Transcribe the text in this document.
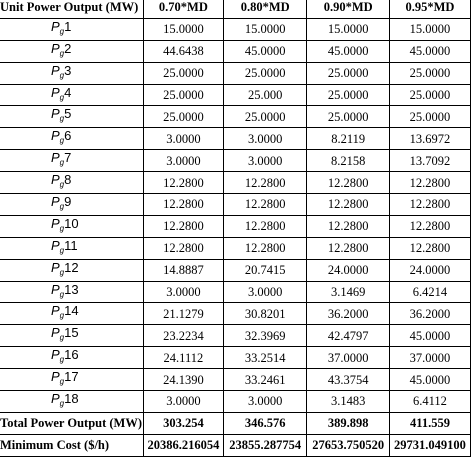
Unit Power Output (MW)	0.70*MD	0.80*MD	0.90*MD	0.95*MD
$P_g1$	15.0000	15.0000	15.0000	15.0000
$P_g2$	44.6438	45.0000	45.0000	45.0000
$P_g3$	25.0000	25.0000	25.0000	25.0000
$P_g4$	25.0000	25.000	25.0000	25.0000
$P_g5$	25.0000	25.0000	25.0000	25.0000
$P_g6$	3.0000	3.0000	8.2119	13.6972
$P_g7$	3.0000	3.0000	8.2158	13.7092
$P_g8$	12.2800	12.2800	12.2800	12.2800
$P_g9$	12.2800	12.2800	12.2800	12.2800
$P_g10$	12.2800	12.2800	12.2800	12.2800
$P_g11$	12.2800	12.2800	12.2800	12.2800
$P_g12$	14.8887	20.7415	24.0000	24.0000
$P_g13$	3.0000	3.0000	3.1469	6.4214
$P_g14$	21.1279	30.8201	36.2000	36.2000
$P_g15$	23.2234	32.3969	42.4797	45.0000
$P_g16$	24.1112	33.2514	37.0000	37.0000
$P_g17$	24.1390	33.2461	43.3754	45.0000
$P_g18$	3.0000	3.0000	3.1483	6.4112
Total Power Output (MW)	303.254	346.576	389.898	411.559
Minimum Cost ($/h)	20386.216054	23855.287754	27653.750520	29731.049100
